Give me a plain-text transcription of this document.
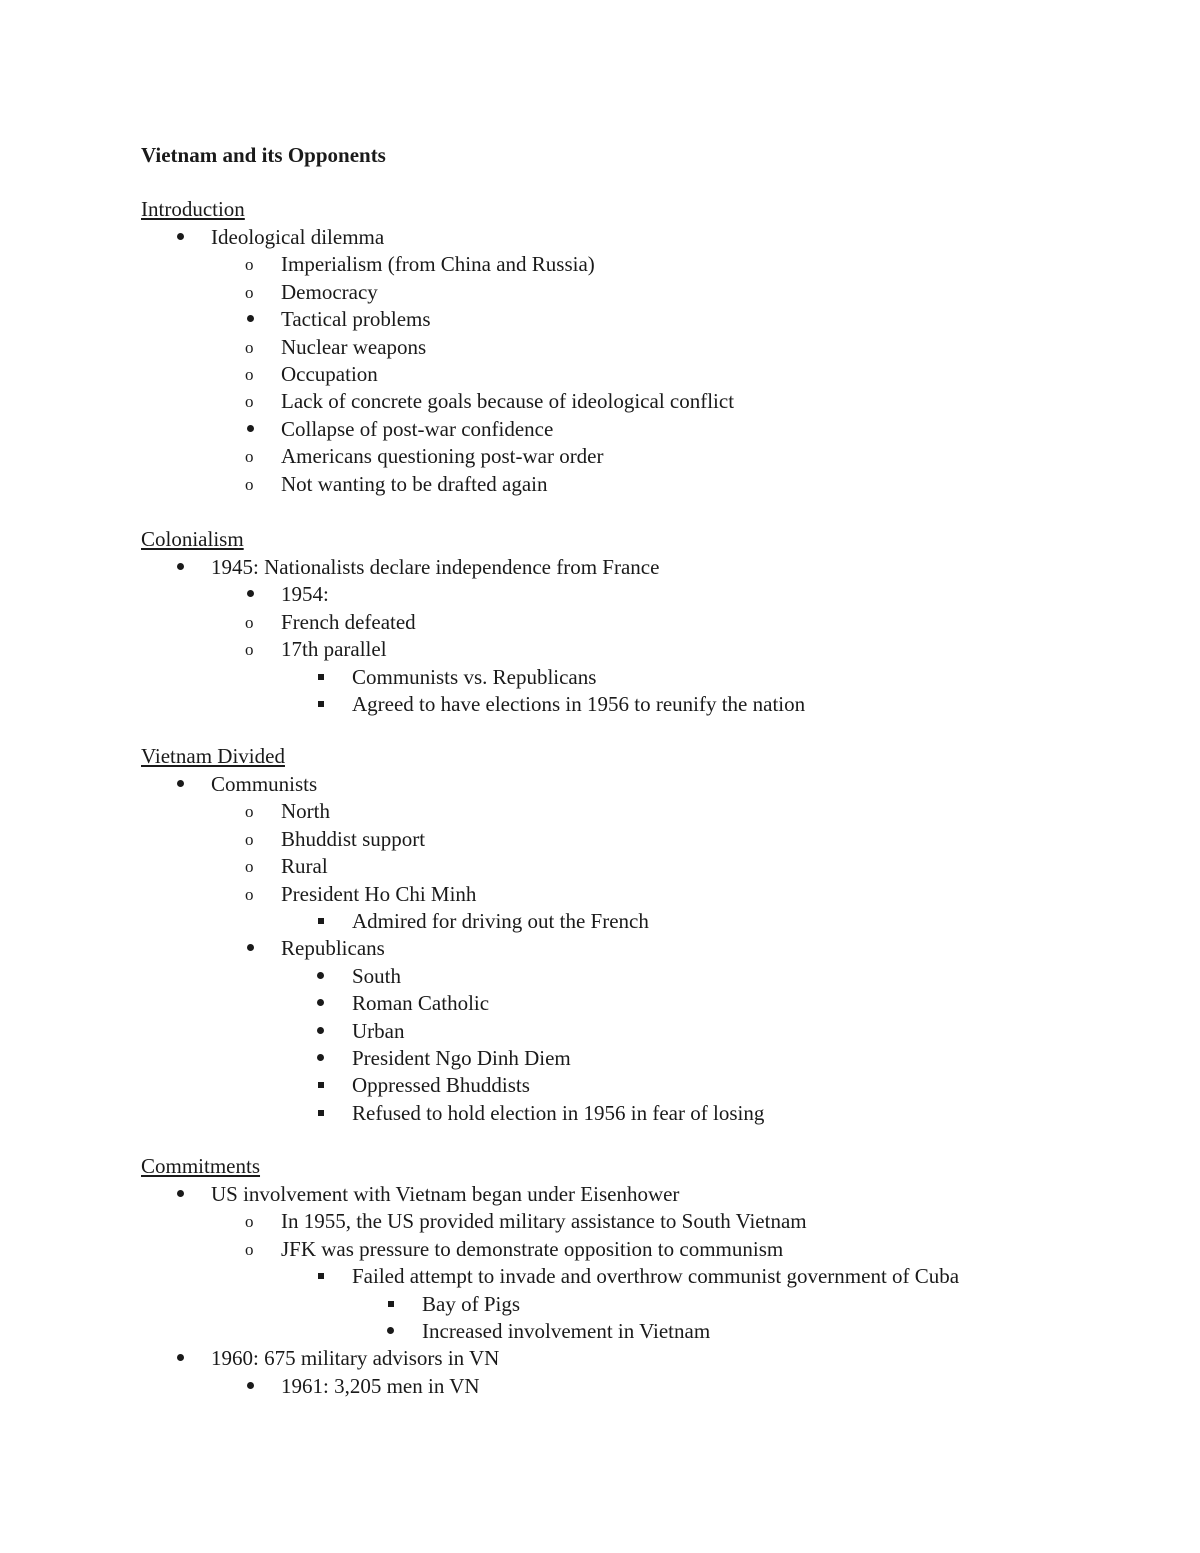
Vietnam and its Opponents
Introduction
Ideological dilemma
Imperialism (from China and Russia)
Democracy
Tactical problems
Nuclear weapons
Occupation
Lack of concrete goals because of ideological conflict
Collapse of post-war confidence
Americans questioning post-war order
Not wanting to be drafted again
Colonialism
1945: Nationalists declare independence from France
1954:
French defeated
17th parallel
Communists vs. Republicans
Agreed to have elections in 1956 to reunify the nation
Vietnam Divided
Communists
North
Bhuddist support
Rural
President Ho Chi Minh
Admired for driving out the French
Republicans
South
Roman Catholic
Urban
President Ngo Dinh Diem
Oppressed Bhuddists
Refused to hold election in 1956 in fear of losing
Commitments
US involvement with Vietnam began under Eisenhower
In 1955, the US provided military assistance to South Vietnam
JFK was pressure to demonstrate opposition to communism
Failed attempt to invade and overthrow communist government of Cuba
Bay of Pigs
Increased involvement in Vietnam
1960: 675 military advisors in VN
1961: 3,205 men in VN
